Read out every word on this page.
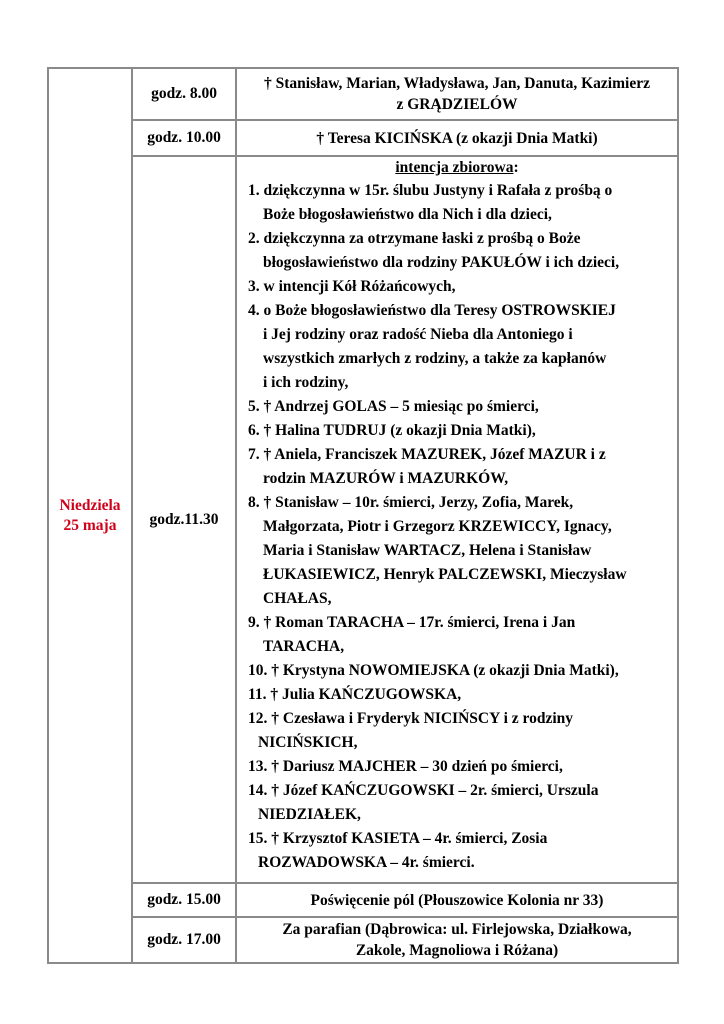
Niedziela
25 maja
godz. 8.00
† Stanisław, Marian, Władysława, Jan, Danuta, Kazimierz
z GRĄDZIELÓW
godz. 10.00	† Teresa KICIŃSKA (z okazji Dnia Matki)
godz.11.30
intencja zbiorowa:
1. dziękczynna w 15r. ślubu Justyny i Rafała z prośbą o
Boże błogosławieństwo dla Nich i dla dzieci,
2. dziękczynna za otrzymane łaski z prośbą o Boże
błogosławieństwo dla rodziny PAKUŁÓW i ich dzieci,
3. w intencji Kół Różańcowych,
4. o Boże błogosławieństwo dla Teresy OSTROWSKIEJ
i Jej rodziny oraz radość Nieba dla Antoniego i
wszystkich zmarłych z rodziny, a także za kapłanów
i ich rodziny,
5. † Andrzej GOLAS – 5 miesiąc po śmierci,
6. † Halina TUDRUJ (z okazji Dnia Matki),
7. † Aniela, Franciszek MAZUREK, Józef MAZUR i z
rodzin MAZURÓW i MAZURKÓW,
8. † Stanisław – 10r. śmierci, Jerzy, Zofia, Marek,
Małgorzata, Piotr i Grzegorz KRZEWICCY, Ignacy,
Maria i Stanisław WARTACZ, Helena i Stanisław
ŁUKASIEWICZ, Henryk PALCZEWSKI, Mieczysław
CHAŁAS,
9. † Roman TARACHA – 17r. śmierci, Irena i Jan
TARACHA,
10. † Krystyna NOWOMIEJSKA (z okazji Dnia Matki),
11. † Julia KAŃCZUGOWSKA,
12. † Czesława i Fryderyk NICIŃSCY i z rodziny
NICIŃSKICH,
13. † Dariusz MAJCHER – 30 dzień po śmierci,
14. † Józef KAŃCZUGOWSKI – 2r. śmierci, Urszula
NIEDZIAŁEK,
15. † Krzysztof KASIETA – 4r. śmierci, Zosia
ROZWADOWSKA – 4r. śmierci.
godz. 15.00	Poświęcenie pól (Płouszowice Kolonia nr 33)
godz. 17.00
Za parafian (Dąbrowica: ul. Firlejowska, Działkowa,
Zakole, Magnoliowa i Różana)
